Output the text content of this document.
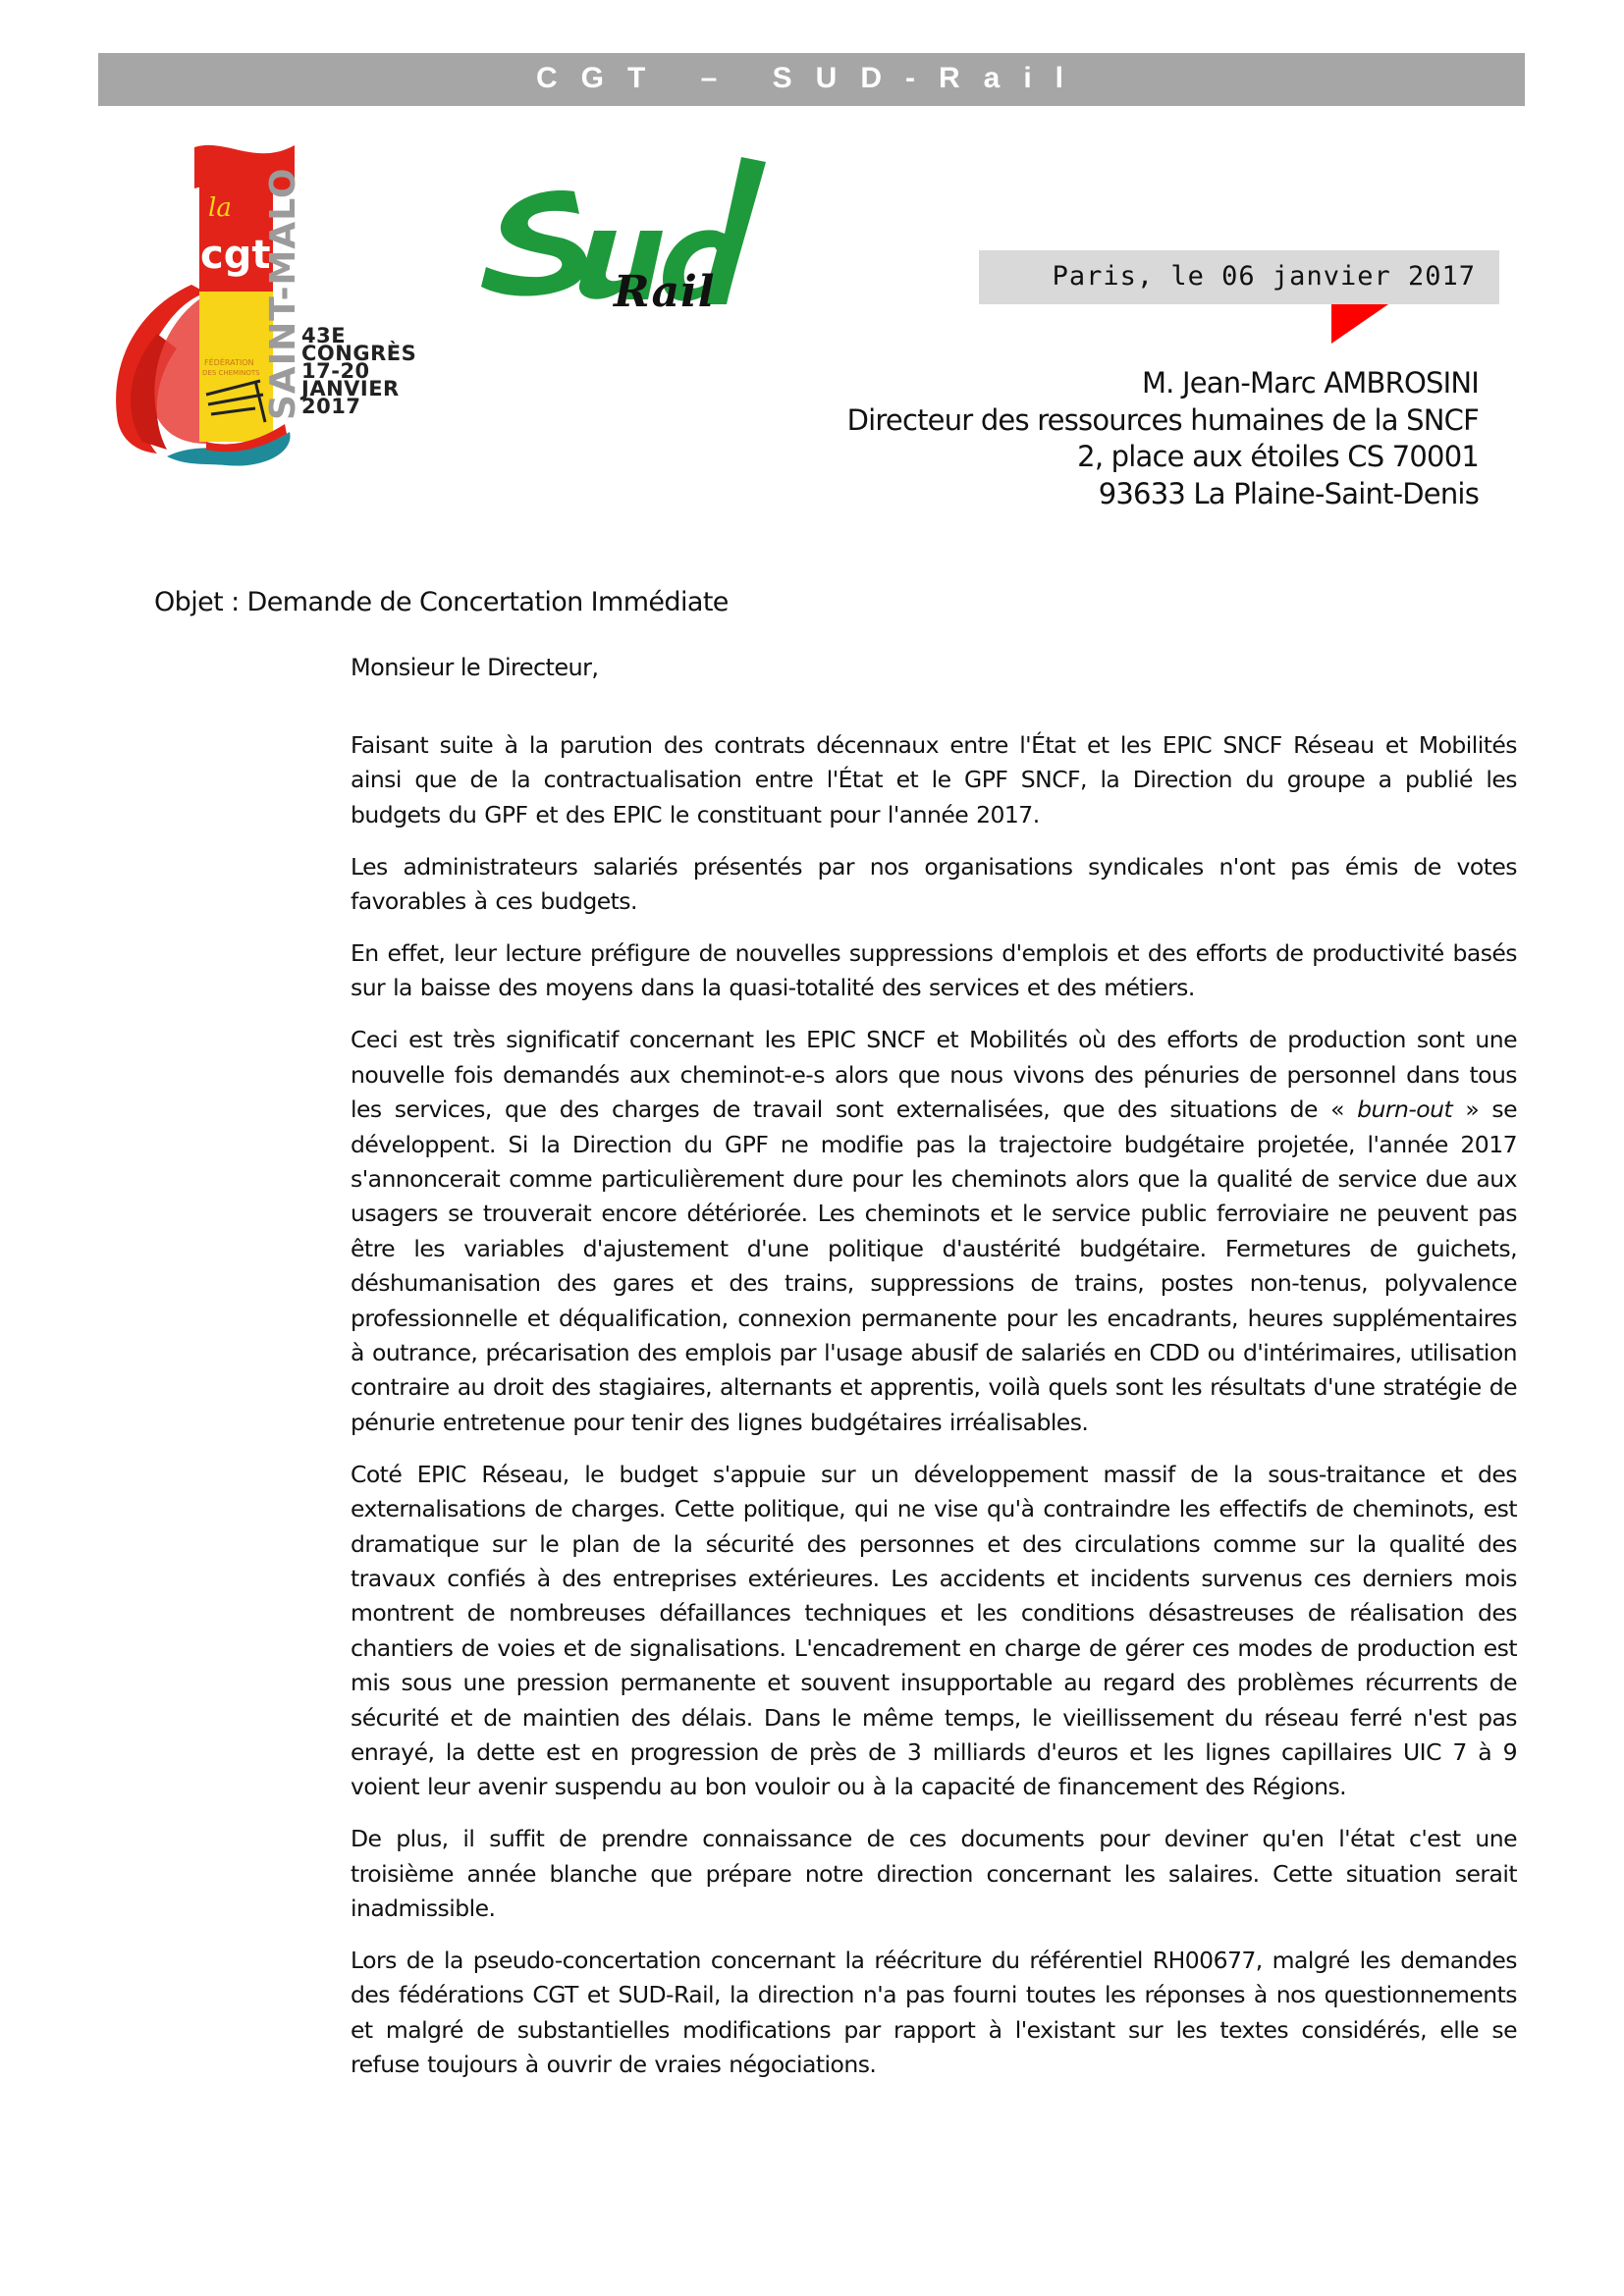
CGT – SUD-Rail
la
cgt
FÉDÉRATION
DES CHEMINOTS SAINT-MALO
43E
CONGRÈS
17-20
JANVIER
2017
Rail	Paris, le 06 janvier 2017
M. Jean-Marc AMBROSINI
Directeur des ressources humaines de la SNCF
2, place aux étoiles CS 70001
93633 La Plaine-Saint-Denis
Objet : Demande de Concertation Immédiate
Monsieur le Directeur,

Faisant suite à la parution des contrats décennaux entre l'État et les EPIC SNCF Réseau et Mobilités ainsi que de la contractualisation entre l'État et le GPF SNCF, la Direction du groupe a publié les budgets du GPF et des EPIC le constituant pour l'année 2017.

Les administrateurs salariés présentés par nos organisations syndicales n'ont pas émis de votes favorables à ces budgets.

En effet, leur lecture préfigure de nouvelles suppressions d'emplois et des efforts de productivité basés sur la baisse des moyens dans la quasi-totalité des services et des métiers.

Ceci est très significatif concernant les EPIC SNCF et Mobilités où des efforts de production sont une nouvelle fois demandés aux cheminot-e-s alors que nous vivons des pénuries de personnel dans tous les services, que des charges de travail sont externalisées, que des situations de « burn-out » se développent. Si la Direction du GPF ne modifie pas la trajectoire budgétaire projetée, l'année 2017 s'annoncerait comme particulièrement dure pour les cheminots alors que la qualité de service due aux usagers se trouverait encore détériorée. Les cheminots et le service public ferroviaire ne peuvent pas être les variables d'ajustement d'une politique d'austérité budgétaire. Fermetures de guichets, déshumanisation des gares et des trains, suppressions de trains, postes non-tenus, polyvalence professionnelle et déqualification, connexion permanente pour les encadrants, heures supplémentaires à outrance, précarisation des emplois par l'usage abusif de salariés en CDD ou d'intérimaires, utilisation contraire au droit des stagiaires, alternants et apprentis, voilà quels sont les résultats d'une stratégie de pénurie entretenue pour tenir des lignes budgétaires irréalisables.

Coté EPIC Réseau, le budget s'appuie sur un développement massif de la sous-traitance et des externalisations de charges. Cette politique, qui ne vise qu'à contraindre les effectifs de cheminots, est dramatique sur le plan de la sécurité des personnes et des circulations comme sur la qualité des travaux confiés à des entreprises extérieures. Les accidents et incidents survenus ces derniers mois montrent de nombreuses défaillances techniques et les conditions désastreuses de réalisation des chantiers de voies et de signalisations. L'encadrement en charge de gérer ces modes de production est mis sous une pression permanente et souvent insupportable au regard des problèmes récurrents de sécurité et de maintien des délais. Dans le même temps, le vieillissement du réseau ferré n'est pas enrayé, la dette est en progression de près de 3 milliards d'euros et les lignes capillaires UIC 7 à 9 voient leur avenir suspendu au bon vouloir ou à la capacité de financement des Régions.

De plus, il suffit de prendre connaissance de ces documents pour deviner qu'en l'état c'est une troisième année blanche que prépare notre direction concernant les salaires. Cette situation serait inadmissible.

Lors de la pseudo-concertation concernant la réécriture du référentiel RH00677, malgré les demandes des fédérations CGT et SUD-Rail, la direction n'a pas fourni toutes les réponses à nos questionnements et malgré de substantielles modifications par rapport à l'existant sur les textes considérés, elle se refuse toujours à ouvrir de vraies négociations.
